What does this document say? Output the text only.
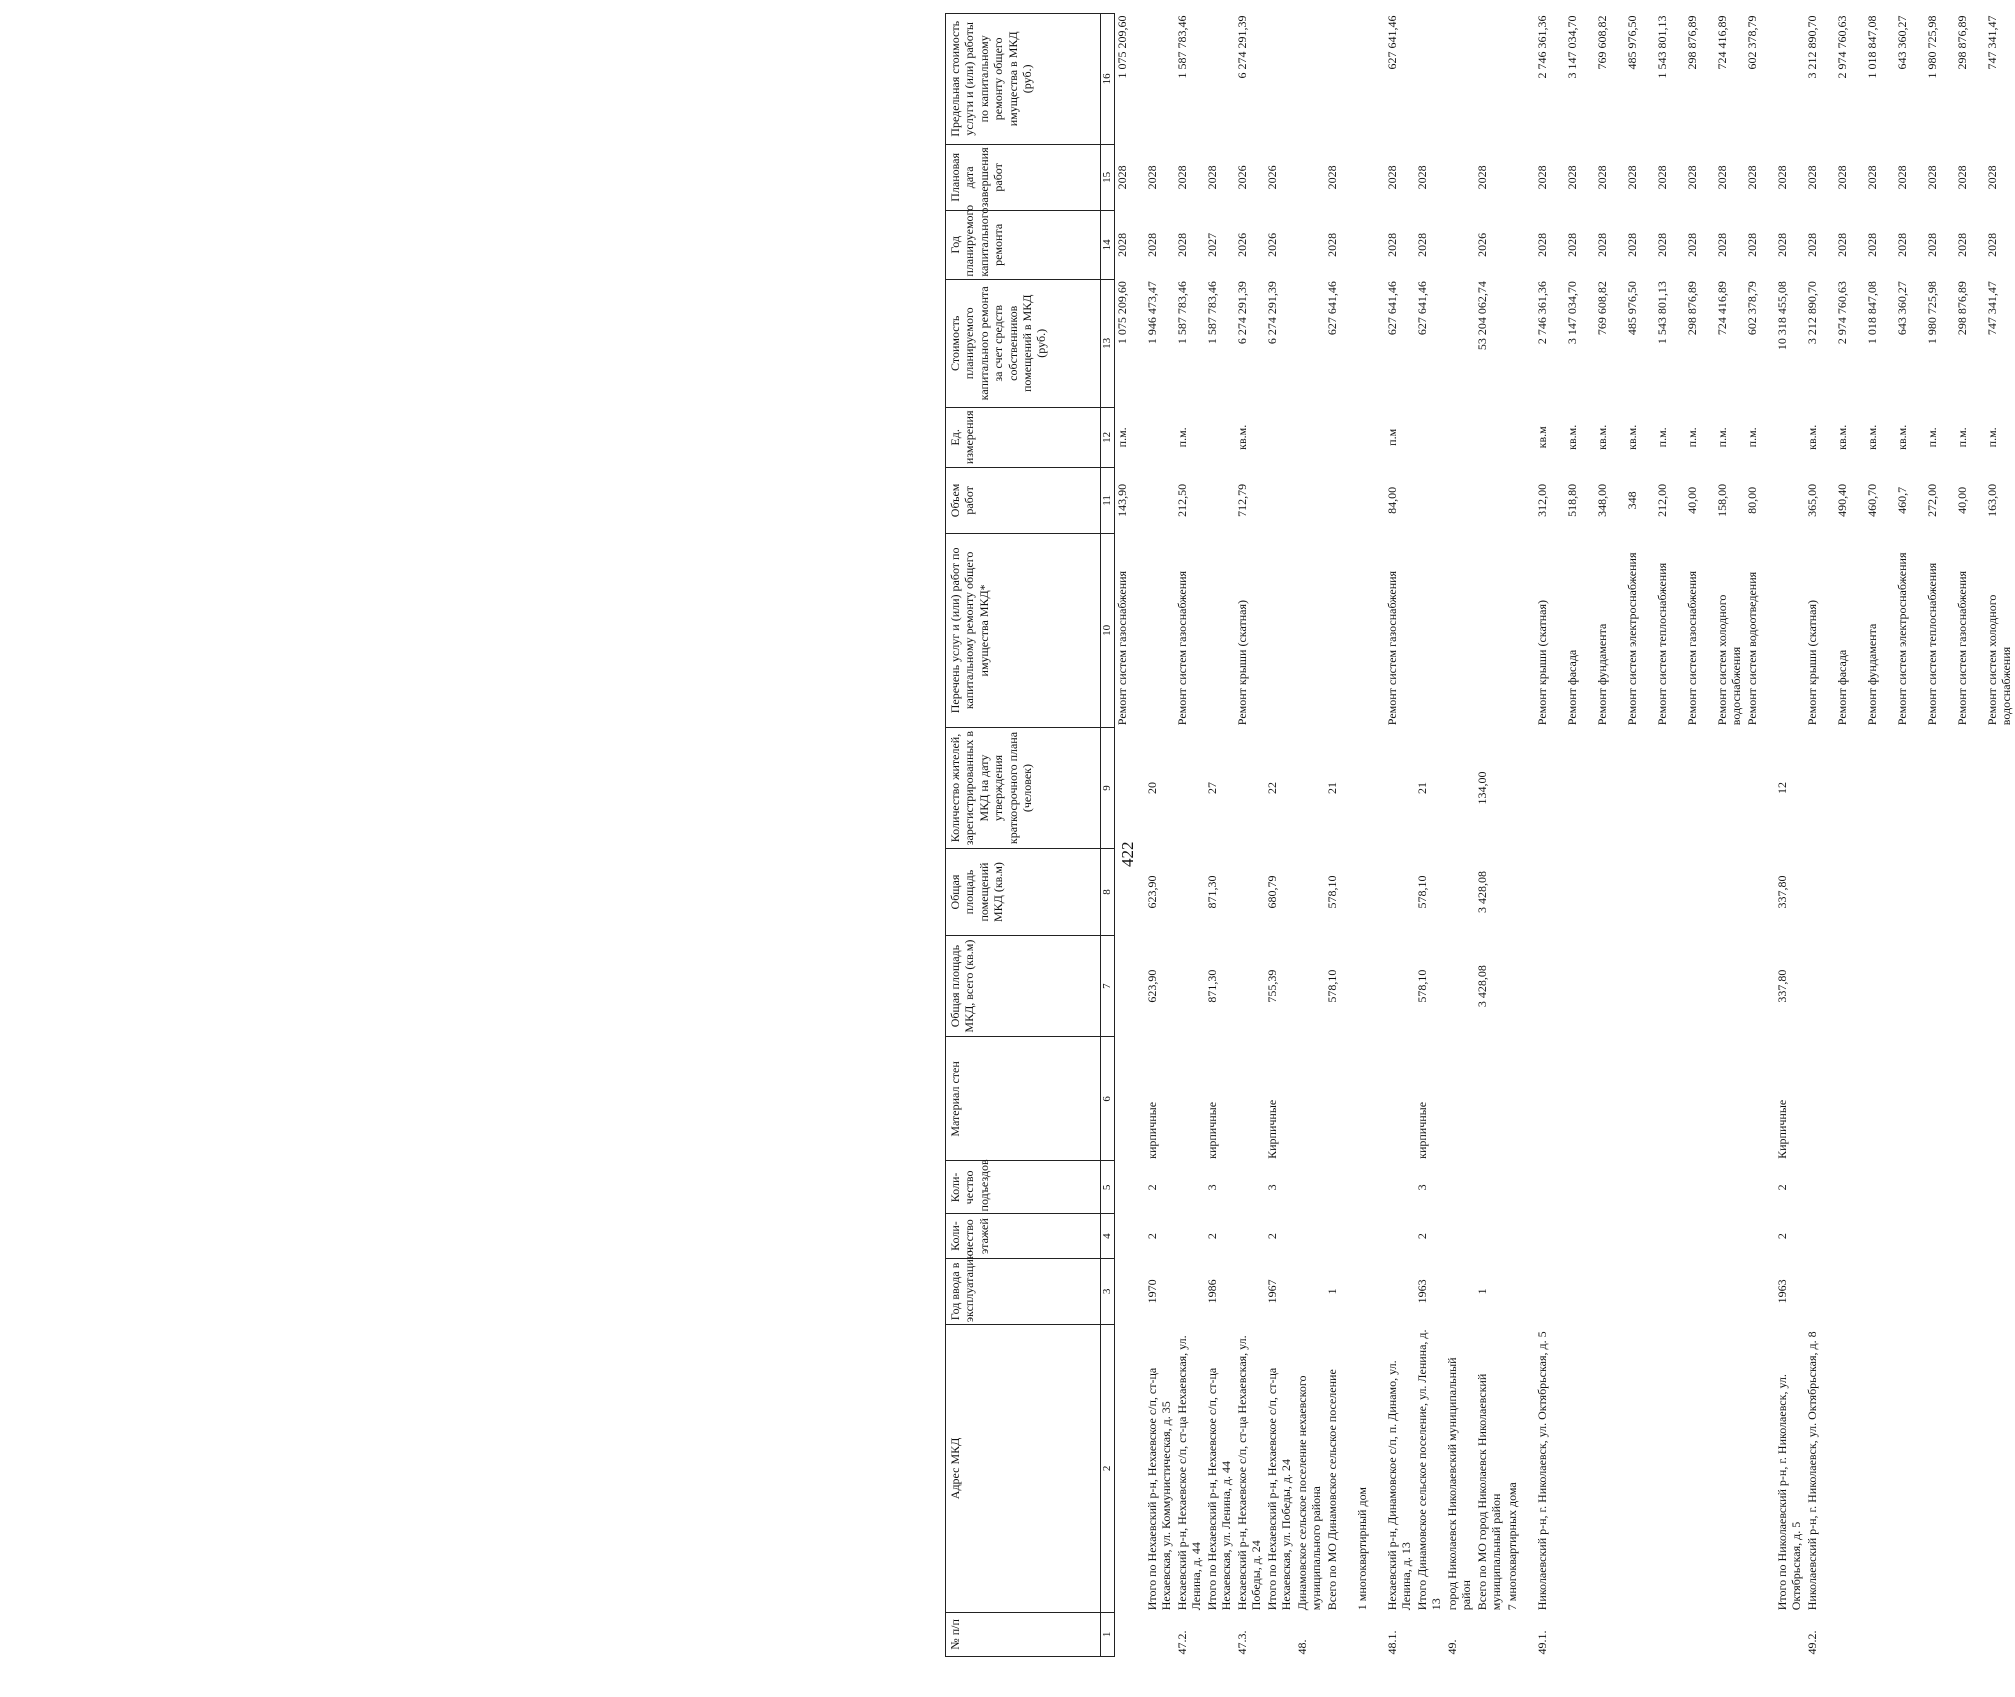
422
№ п/п	Адрес МКД	Год ввода в эксплуатацию	Коли-чество этажей	Коли-чество подъездов	Материал стен	Общая площадь МКД, всего (кв.м)	Общая площадь помещений МКД (кв.м)	Количество жителей, зарегистрированных в МКД на дату утверждения краткосрочного плана (человек)	Перечень услуг и (или) работ по капитальному ремонту общего имущества МКД*	Объем работ	Ед. измерения	Стоимость планируемого капитального ремонта за счет средств собственников помещений в МКД (руб.)	Год планируемого капитального ремонта	Плановая дата завершения работ	Предельная стоимость услуги и (или) работы по капитальному ремонту общего имущества в МКД (руб.)
1	2	3	4	5	6	7	8	9	10	11	12	13	14	15	16
									Ремонт систем газоснабжения	143,90	п.м.	1 075 209,60	2028	2028	1 075 209,60
	Итого по Нехаевский р-н, Нехаевское с/п, ст-ца Нехаевская, ул. Коммунистическая, д. 35	1970	2	2	кирпичные	623,90	623,90	20				1 946 473,47	2028	2028	
47.2.	Нехаевский р-н, Нехаевское с/п, ст-ца Нехаевская, ул. Ленина, д. 44								Ремонт систем газоснабжения	212,50	п.м.	1 587 783,46	2028	2028	1 587 783,46
	Итого по Нехаевский р-н, Нехаевское с/п, ст-ца Нехаевская, ул. Ленина, д. 44	1986	2	3	кирпичные	871,30	871,30	27				1 587 783,46	2027	2028	
47.3.	Нехаевский р-н, Нехаевское с/п, ст-ца Нехаевская, ул. Победы, д. 24								Ремонт крыши (скатная)	712,79	кв.м.	6 274 291,39	2026	2026	6 274 291,39
	Итого по Нехаевский р-н, Нехаевское с/п, ст-ца Нехаевская, ул. Победы, д. 24	1967	2	3	Кирпичные	755,39	680,79	22				6 274 291,39	2026	2026	
48.	Динамовское сельское поселение нехаевского муниципального района														
	Всего по МО Динамовское сельское поселение	1				578,10	578,10	21				627 641,46	2028	2028	
	1 многоквартирный дом														
48.1.	Нехаевский р-н, Динамовское с/п, п. Динамо, ул. Ленина, д. 13								Ремонт систем газоснабжения	84,00	п.м	627 641,46	2028	2028	627 641,46
	Итого Динамовское сельское поселение, ул. Ленина, д. 13	1963	2	3	кирпичные	578,10	578,10	21				627 641,46	2028	2028	
49.	город Николаевск Николаевский муниципальный район														
	Всего по МО город Николаевск Николаевский муниципальный район	1				3 428,08	3 428,08	134,00				53 204 062,74	2026	2028	
	7 многоквартирных дома														
49.1.	Николаевский р-н, г. Николаевск, ул. Октябрьская, д. 5								Ремонт крыши (скатная)	312,00	кв.м	2 746 361,36	2028	2028	2 746 361,36
									Ремонт фасада	518,80	кв.м.	3 147 034,70	2028	2028	3 147 034,70
									Ремонт фундамента	348,00	кв.м.	769 608,82	2028	2028	769 608,82
									Ремонт систем электроснабжения	348	кв.м.	485 976,50	2028	2028	485 976,50
									Ремонт систем теплоснабжения	212,00	п.м.	1 543 801,13	2028	2028	1 543 801,13
									Ремонт систем газоснабжения	40,00	п.м.	298 876,89	2028	2028	298 876,89
									Ремонт систем холодного водоснабжения	158,00	п.м.	724 416,89	2028	2028	724 416,89
									Ремонт систем водоотведения	80,00	п.м.	602 378,79	2028	2028	602 378,79
	Итого по Николаевский р-н, г. Николаевск, ул. Октябрьская, д. 5	1963	2	2	Кирпичные	337,80	337,80	12				10 318 455,08	2028	2028	
49.2.	Николаевский р-н, г. Николаевск, ул. Октябрьская, д. 8								Ремонт крыши (скатная)	365,00	кв.м.	3 212 890,70	2028	2028	3 212 890,70
									Ремонт фасада	490,40	кв.м.	2 974 760,63	2028	2028	2 974 760,63
									Ремонт фундамента	460,70	кв.м.	1 018 847,08	2028	2028	1 018 847,08
									Ремонт систем электроснабжения	460,7	кв.м.	643 360,27	2028	2028	643 360,27
									Ремонт систем теплоснабжения	272,00	п.м.	1 980 725,98	2028	2028	1 980 725,98
									Ремонт систем газоснабжения	40,00	п.м.	298 876,89	2028	2028	298 876,89
									Ремонт систем холодного водоснабжения	163,00	п.м.	747 341,47	2028	2028	747 341,47
